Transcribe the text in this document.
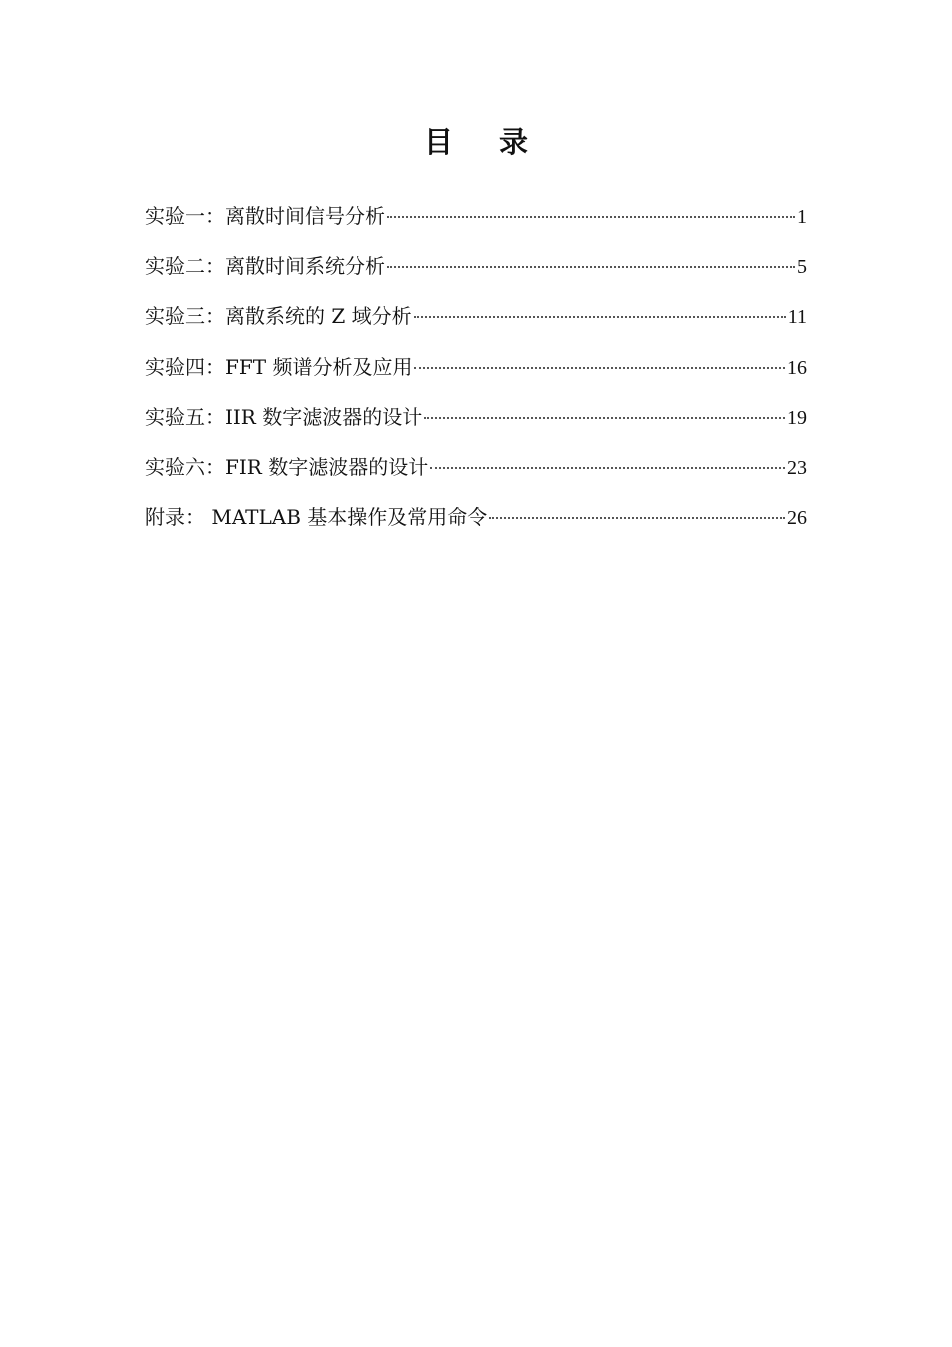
目 录
实验一：离散时间信号分析	1
实验二：离散时间系统分析	5
实验三：离散系统的 Z 域分析	11
实验四：FFT 频谱分析及应用	16
实验五：IIR 数字滤波器的设计	19
实验六：FIR 数字滤波器的设计	23
附录： MATLAB 基本操作及常用命令	26
